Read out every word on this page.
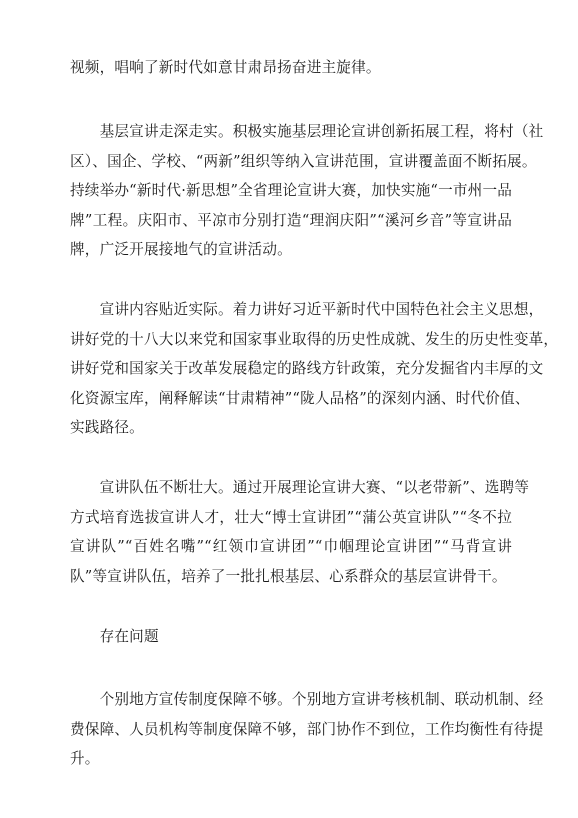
视频，唱响了新时代如意甘肃昂扬奋进主旋律。

　　基层宣讲走深走实。积极实施基层理论宣讲创新拓展工程，将村（社
区）、国企、学校、“两新”组织等纳入宣讲范围，宣讲覆盖面不断拓展。
持续举办“新时代·新思想”全省理论宣讲大赛，加快实施“一市州一品
牌”工程。庆阳市、平凉市分别打造“理润庆阳”“溪河乡音”等宣讲品
牌，广泛开展接地气的宣讲活动。

　　宣讲内容贴近实际。着力讲好习近平新时代中国特色社会主义思想，
讲好党的十八大以来党和国家事业取得的历史性成就、发生的历史性变革，
讲好党和国家关于改革发展稳定的路线方针政策，充分发掘省内丰厚的文
化资源宝库，阐释解读“甘肃精神”“陇人品格”的深刻内涵、时代价值、
实践路径。

　　宣讲队伍不断壮大。通过开展理论宣讲大赛、“以老带新”、选聘等
方式培育选拔宣讲人才，壮大“博士宣讲团”“蒲公英宣讲队”“冬不拉
宣讲队”“百姓名嘴”“红领巾宣讲团”“巾帼理论宣讲团”“马背宣讲
队”等宣讲队伍，培养了一批扎根基层、心系群众的基层宣讲骨干。

　　存在问题

　　个别地方宣传制度保障不够。个别地方宣讲考核机制、联动机制、经
费保障、人员机构等制度保障不够，部门协作不到位，工作均衡性有待提
升。
